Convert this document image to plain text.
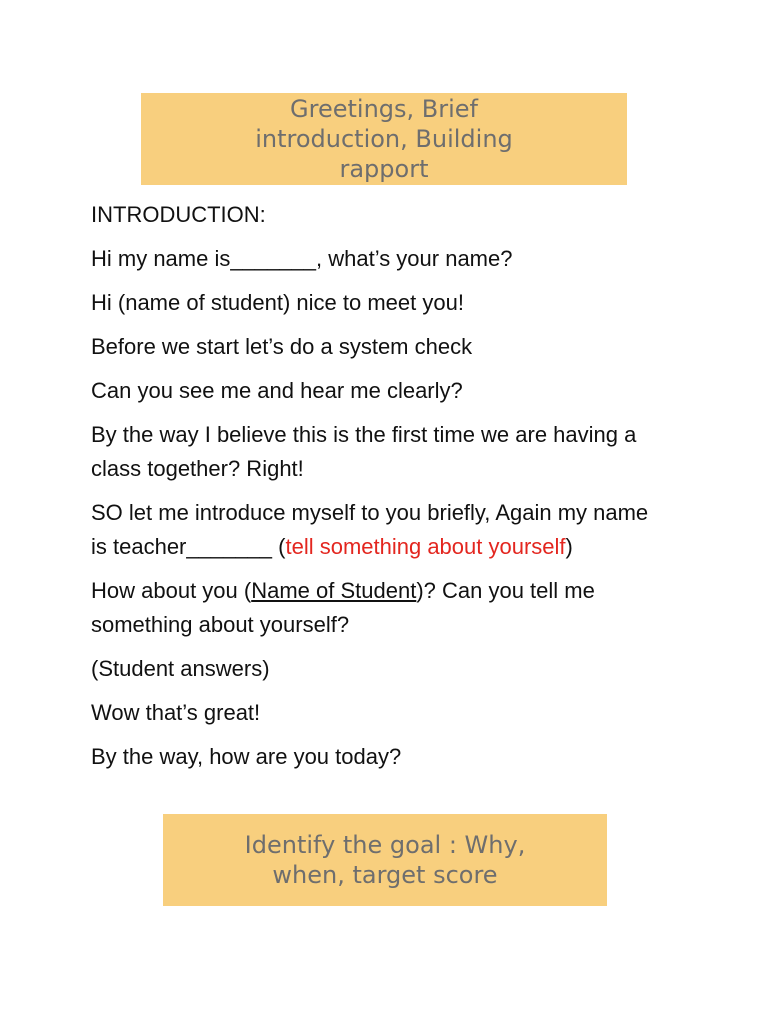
Greetings, Brief
introduction, Building
rapport

INTRODUCTION:

Hi my name is_______, what’s your name?

Hi (name of student) nice to meet you!

Before we start let’s do a system check

Can you see me and hear me clearly?

By the way I believe this is the first time we are having a
class together? Right!

SO let me introduce myself to you briefly, Again my name
is teacher_______ (tell something about yourself)

How about you (Name of Student)? Can you tell me
something about yourself?

(Student answers)

Wow that’s great!

By the way, how are you today?

Identify the goal : Why,
when, target score
